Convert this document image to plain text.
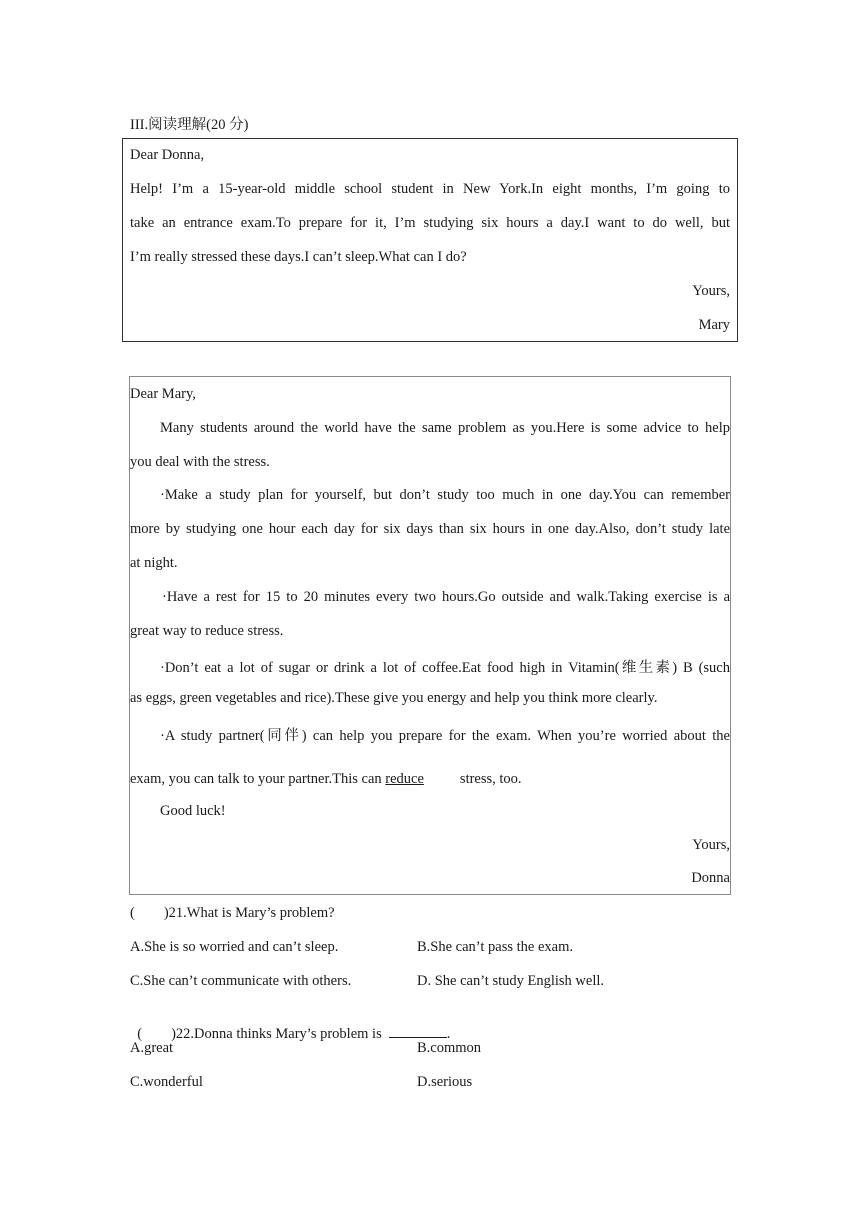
III.阅读理解(20 分)
Dear Donna,
Help! I’m a 15-year-old middle school student in New York.In eight months, I’m going to
take an entrance exam.To prepare for it, I’m studying six hours a day.I want to do well, but
I’m really stressed these days.I can’t sleep.What can I do?
Yours,
Mary
Dear Mary,
Many students around the world have the same problem as you.Here is some advice to help
you deal with the stress.
·Make a study plan for yourself, but don’t study too much in one day.You can remember
more by studying one hour each day for six days than six hours in one day.Also, don’t study late
at night.
·Have a rest for 15 to 20 minutes every two hours.Go outside and walk.Taking exercise is a
great way to reduce stress.
·Don’t eat a lot of sugar or drink a lot of coffee.Eat food high in Vitamin(维生素) B (such
as eggs, green vegetables and rice).These give you energy and help you think more clearly.
·A study partner(同伴) can help you prepare for the exam. When you’re worried about the
exam, you can talk to your partner.This can reduce stress, too.
Good luck!
Yours,
Donna
(        )21.What is Mary’s problem?
A.She is so worried and can’t sleep.	B.She can’t pass the exam.
C.She can’t communicate with others.	D. She can’t study English well.

(        )22.Donna thinks Mary’s problem is	.

A.great	B.common
C.wonderful	D.serious
